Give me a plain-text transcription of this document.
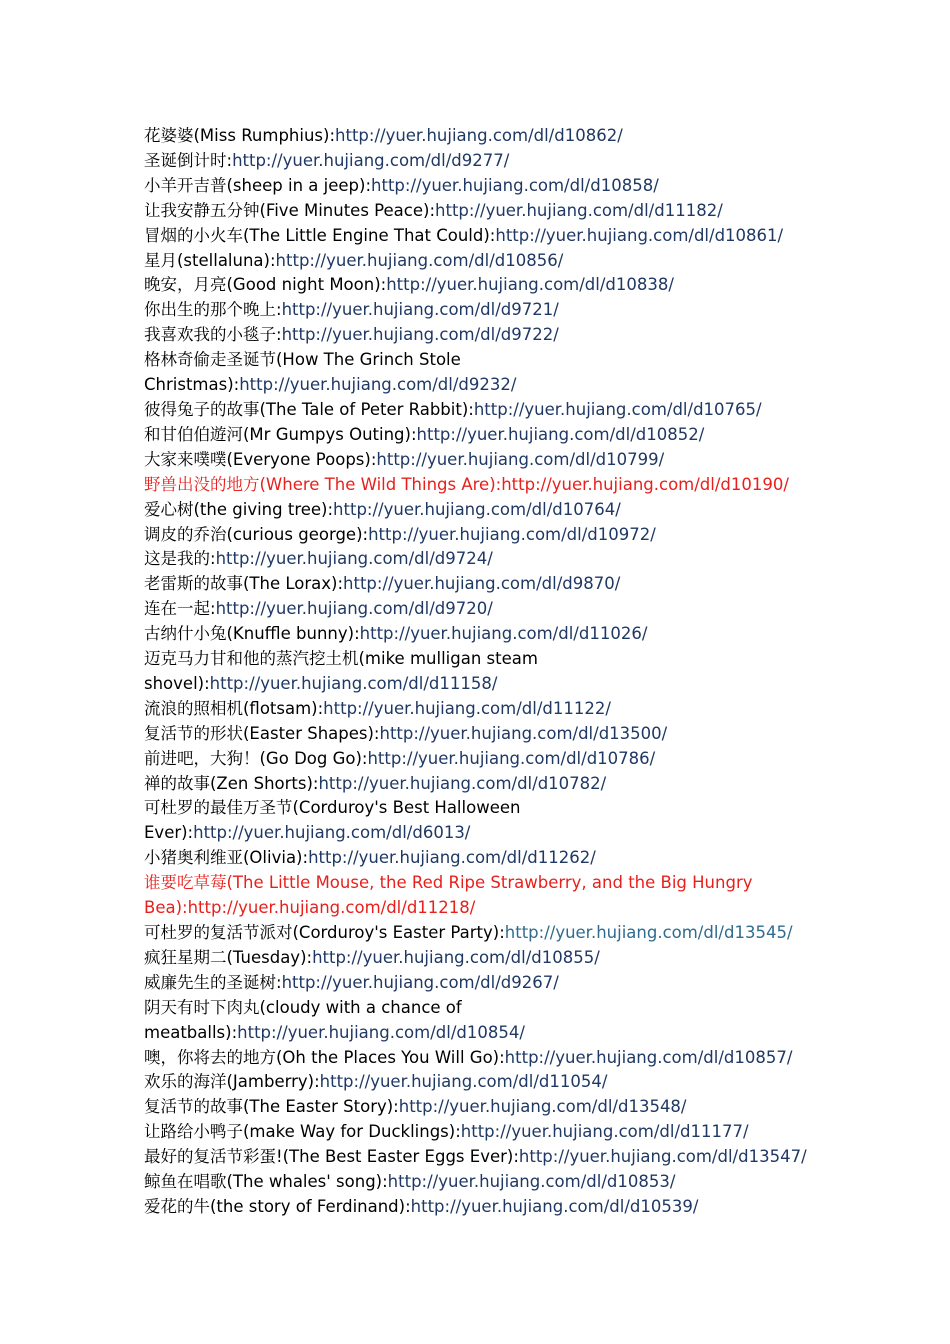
花婆婆(Miss Rumphius):http://yuer.hujiang.com/dl/d10862/
圣诞倒计时:http://yuer.hujiang.com/dl/d9277/
小羊开吉普(sheep in a jeep):http://yuer.hujiang.com/dl/d10858/
让我安静五分钟(Five Minutes Peace):http://yuer.hujiang.com/dl/d11182/
冒烟的小火车(The Little Engine That Could):http://yuer.hujiang.com/dl/d10861/
星月(stellaluna):http://yuer.hujiang.com/dl/d10856/
晚安，月亮(Good night Moon):http://yuer.hujiang.com/dl/d10838/
你出生的那个晚上:http://yuer.hujiang.com/dl/d9721/
我喜欢我的小毯子:http://yuer.hujiang.com/dl/d9722/
格林奇偷走圣诞节(How The Grinch Stole
Christmas):http://yuer.hujiang.com/dl/d9232/
彼得兔子的故事(The Tale of Peter Rabbit):http://yuer.hujiang.com/dl/d10765/
和甘伯伯遊河(Mr Gumpys Outing):http://yuer.hujiang.com/dl/d10852/
大家来噗噗(Everyone Poops):http://yuer.hujiang.com/dl/d10799/
野兽出没的地方(Where The Wild Things Are):http://yuer.hujiang.com/dl/d10190/
爱心树(the giving tree):http://yuer.hujiang.com/dl/d10764/
调皮的乔治(curious george):http://yuer.hujiang.com/dl/d10972/
这是我的:http://yuer.hujiang.com/dl/d9724/
老雷斯的故事(The Lorax):http://yuer.hujiang.com/dl/d9870/
连在一起:http://yuer.hujiang.com/dl/d9720/
古纳什小兔(Knuffle bunny):http://yuer.hujiang.com/dl/d11026/
迈克马力甘和他的蒸汽挖土机(mike mulligan steam
shovel):http://yuer.hujiang.com/dl/d11158/
流浪的照相机(flotsam):http://yuer.hujiang.com/dl/d11122/
复活节的形状(Easter Shapes):http://yuer.hujiang.com/dl/d13500/
前进吧，大狗！(Go Dog Go):http://yuer.hujiang.com/dl/d10786/
禅的故事(Zen Shorts):http://yuer.hujiang.com/dl/d10782/
可杜罗的最佳万圣节(Corduroy's Best Halloween
Ever):http://yuer.hujiang.com/dl/d6013/
小猪奥利维亚(Olivia):http://yuer.hujiang.com/dl/d11262/
谁要吃草莓(The Little Mouse, the Red Ripe Strawberry, and the Big Hungry
Bea):http://yuer.hujiang.com/dl/d11218/
可杜罗的复活节派对(Corduroy's Easter Party):http://yuer.hujiang.com/dl/d13545/
疯狂星期二(Tuesday):http://yuer.hujiang.com/dl/d10855/
威廉先生的圣诞树:http://yuer.hujiang.com/dl/d9267/
阴天有时下肉丸(cloudy with a chance of
meatballs):http://yuer.hujiang.com/dl/d10854/
噢，你将去的地方(Oh the Places You Will Go):http://yuer.hujiang.com/dl/d10857/
欢乐的海洋(Jamberry):http://yuer.hujiang.com/dl/d11054/
复活节的故事(The Easter Story):http://yuer.hujiang.com/dl/d13548/
让路给小鸭子(make Way for Ducklings):http://yuer.hujiang.com/dl/d11177/
最好的复活节彩蛋!(The Best Easter Eggs Ever):http://yuer.hujiang.com/dl/d13547/
鲸鱼在唱歌(The whales' song):http://yuer.hujiang.com/dl/d10853/
爱花的牛(the story of Ferdinand):http://yuer.hujiang.com/dl/d10539/
